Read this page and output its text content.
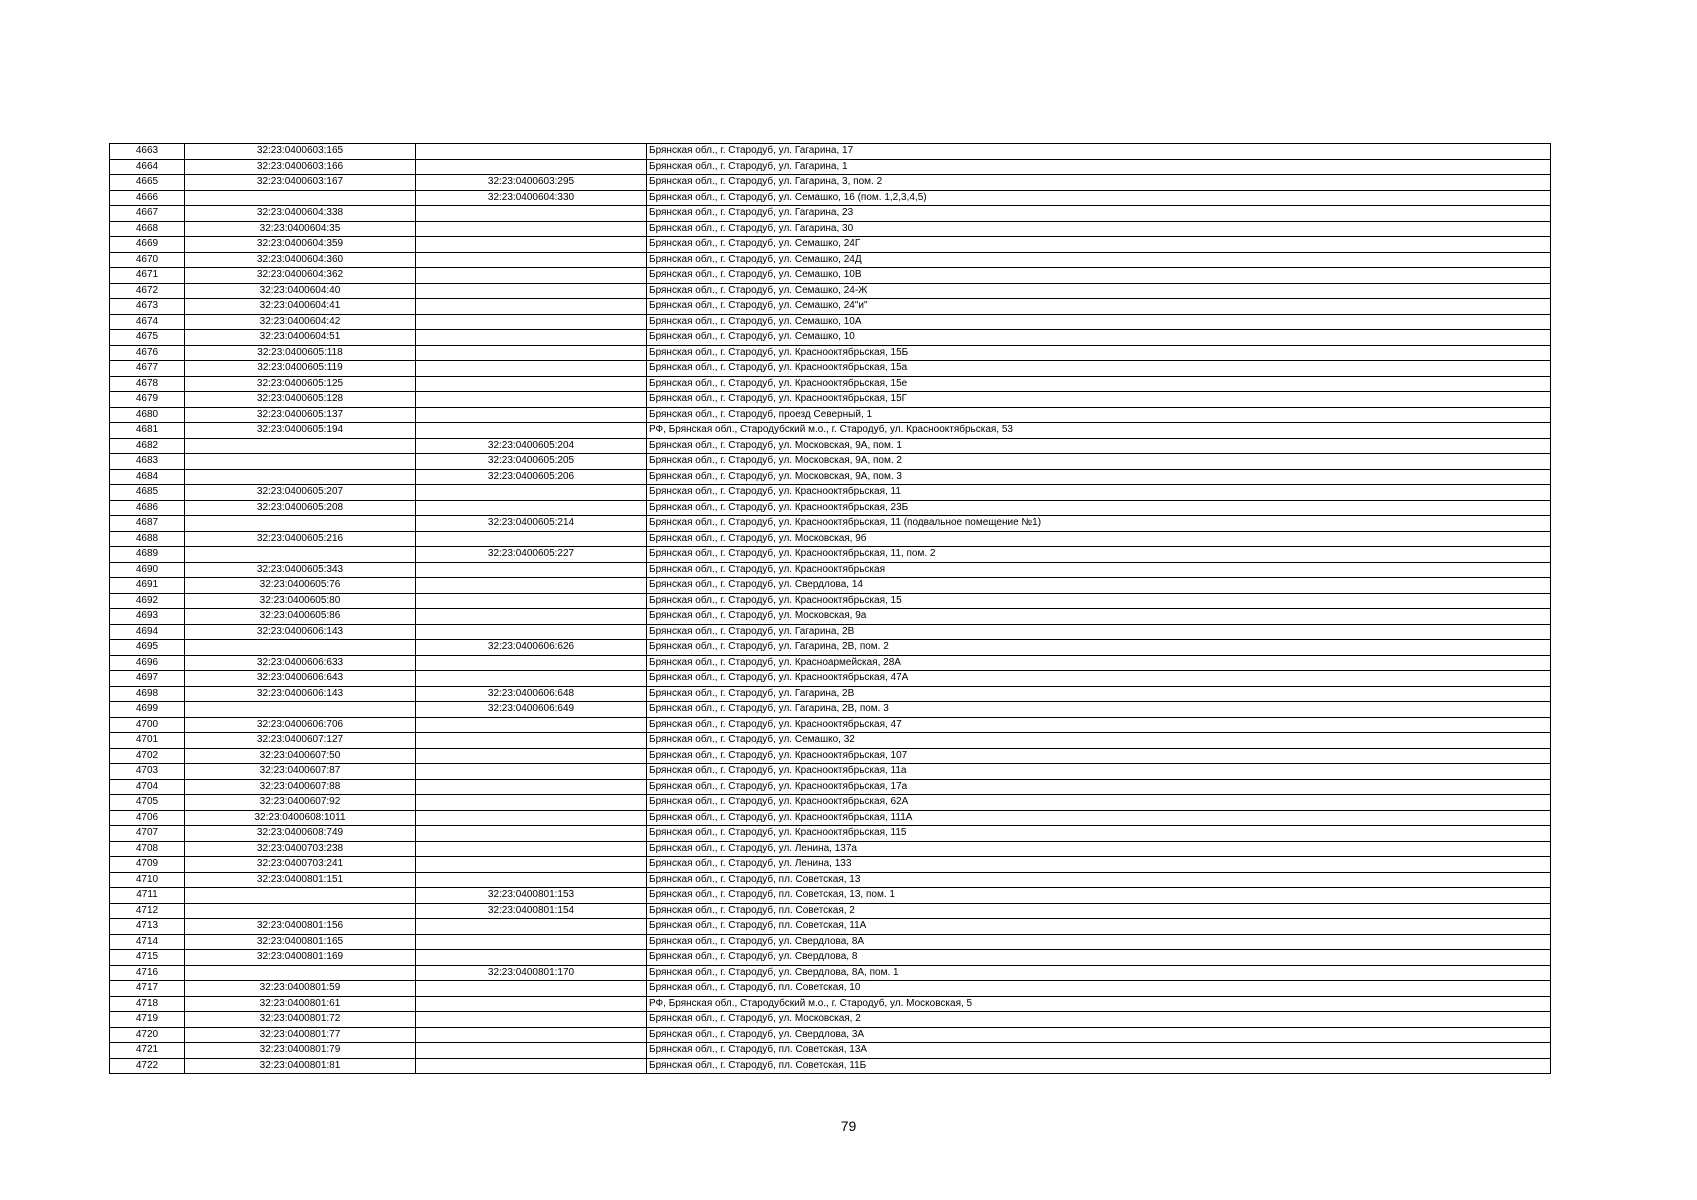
4663	32:23:0400603:165		Брянская обл., г. Стародуб, ул. Гагарина, 17
4664	32:23:0400603:166		Брянская обл., г. Стародуб, ул. Гагарина, 1
4665	32:23:0400603:167	32:23:0400603:295	Брянская обл., г. Стародуб, ул. Гагарина, 3, пом. 2
4666		32:23:0400604:330	Брянская обл., г. Стародуб, ул. Семашко, 16 (пом. 1,2,3,4,5)
4667	32:23:0400604:338		Брянская обл., г. Стародуб, ул. Гагарина, 23
4668	32:23:0400604:35		Брянская обл., г. Стародуб, ул. Гагарина, 30
4669	32:23:0400604:359		Брянская обл., г. Стародуб, ул. Семашко, 24Г
4670	32:23:0400604:360		Брянская обл., г. Стародуб, ул. Семашко, 24Д
4671	32:23:0400604:362		Брянская обл., г. Стародуб, ул. Семашко, 10В
4672	32:23:0400604:40		Брянская обл., г. Стародуб, ул. Семашко, 24-Ж
4673	32:23:0400604:41		Брянская обл., г. Стародуб, ул. Семашко, 24"и"
4674	32:23:0400604:42		Брянская обл., г. Стародуб, ул. Семашко, 10А
4675	32:23:0400604:51		Брянская обл., г. Стародуб, ул. Семашко, 10
4676	32:23:0400605:118		Брянская обл., г. Стародуб, ул. Краснооктябрьская, 15Б
4677	32:23:0400605:119		Брянская обл., г. Стародуб, ул. Краснооктябрьская, 15а
4678	32:23:0400605:125		Брянская обл., г. Стародуб, ул. Краснооктябрьская, 15е
4679	32:23:0400605:128		Брянская обл., г. Стародуб, ул. Краснооктябрьская, 15Г
4680	32:23:0400605:137		Брянская обл., г. Стародуб, проезд Северный, 1
4681	32:23:0400605:194		РФ, Брянская обл., Стародубский м.о., г. Стародуб, ул. Краснооктябрьская, 53
4682		32:23:0400605:204	Брянская обл., г. Стародуб, ул. Московская, 9А, пом. 1
4683		32:23:0400605:205	Брянская обл., г. Стародуб, ул. Московская, 9А, пом. 2
4684		32:23:0400605:206	Брянская обл., г. Стародуб, ул. Московская, 9А, пом. 3
4685	32:23:0400605:207		Брянская обл., г. Стародуб, ул. Краснооктябрьская, 11
4686	32:23:0400605:208		Брянская обл., г. Стародуб, ул. Краснооктябрьская, 23Б
4687		32:23:0400605:214	Брянская обл., г. Стародуб, ул. Краснооктябрьская, 11 (подвальное помещение №1)
4688	32:23:0400605:216		Брянская обл., г. Стародуб, ул. Московская, 9б
4689		32:23:0400605:227	Брянская обл., г. Стародуб, ул. Краснооктябрьская, 11, пом. 2
4690	32:23:0400605:343		Брянская обл., г. Стародуб, ул. Краснооктябрьская
4691	32:23:0400605:76		Брянская обл., г. Стародуб, ул. Свердлова, 14
4692	32:23:0400605:80		Брянская обл., г. Стародуб, ул. Краснооктябрьская, 15
4693	32:23:0400605:86		Брянская обл., г. Стародуб, ул. Московская, 9а
4694	32:23:0400606:143		Брянская обл., г. Стародуб, ул. Гагарина, 2В
4695		32:23:0400606:626	Брянская обл., г. Стародуб, ул. Гагарина, 2В, пом. 2
4696	32:23:0400606:633		Брянская обл., г. Стародуб, ул. Красноармейская, 28А
4697	32:23:0400606:643		Брянская обл., г. Стародуб, ул. Краснооктябрьская, 47А
4698	32:23:0400606:143	32:23:0400606:648	Брянская обл., г. Стародуб, ул. Гагарина, 2В
4699		32:23:0400606:649	Брянская обл., г. Стародуб, ул. Гагарина, 2В, пом. 3
4700	32:23:0400606:706		Брянская обл., г. Стародуб, ул. Краснооктябрьская, 47
4701	32:23:0400607:127		Брянская обл., г. Стародуб, ул. Семашко, 32
4702	32:23:0400607:50		Брянская обл., г. Стародуб, ул. Краснооктябрьская, 107
4703	32:23:0400607:87		Брянская обл., г. Стародуб, ул. Краснооктябрьская, 11а
4704	32:23:0400607:88		Брянская обл., г. Стародуб, ул. Краснооктябрьская, 17а
4705	32:23:0400607:92		Брянская обл., г. Стародуб, ул. Краснооктябрьская, 62А
4706	32:23:0400608:1011		Брянская обл., г. Стародуб, ул. Краснооктябрьская, 111А
4707	32:23:0400608:749		Брянская обл., г. Стародуб, ул. Краснооктябрьская, 115
4708	32:23:0400703:238		Брянская обл., г. Стародуб, ул. Ленина, 137а
4709	32:23:0400703:241		Брянская обл., г. Стародуб, ул. Ленина, 133
4710	32:23:0400801:151		Брянская обл., г. Стародуб, пл. Советская, 13
4711		32:23:0400801:153	Брянская обл., г. Стародуб, пл. Советская, 13, пом. 1
4712		32:23:0400801:154	Брянская обл., г. Стародуб, пл. Советская, 2
4713	32:23:0400801:156		Брянская обл., г. Стародуб, пл. Советская, 11А
4714	32:23:0400801:165		Брянская обл., г. Стародуб, ул. Свердлова, 8А
4715	32:23:0400801:169		Брянская обл., г. Стародуб, ул. Свердлова, 8
4716		32:23:0400801:170	Брянская обл., г. Стародуб, ул. Свердлова, 8А, пом. 1
4717	32:23:0400801:59		Брянская обл., г. Стародуб, пл. Советская, 10
4718	32:23:0400801:61		РФ, Брянская обл., Стародубский м.о., г. Стародуб, ул. Московская, 5
4719	32:23:0400801:72		Брянская обл., г. Стародуб, ул. Московская, 2
4720	32:23:0400801:77		Брянская обл., г. Стародуб, ул. Свердлова, 3А
4721	32:23:0400801:79		Брянская обл., г. Стародуб, пл. Советская, 13А
4722	32:23:0400801:81		Брянская обл., г. Стародуб, пл. Советская, 11Б
79
